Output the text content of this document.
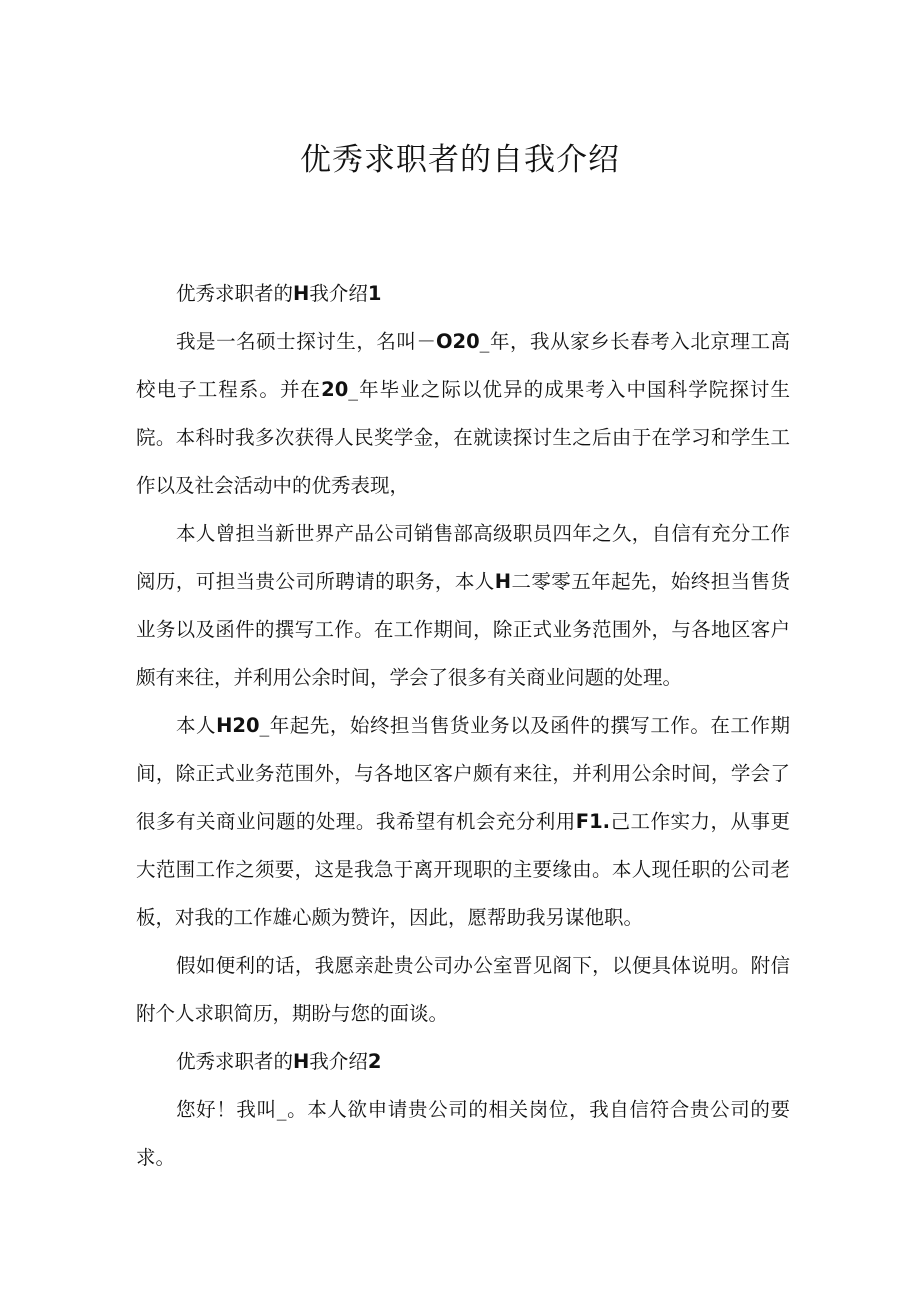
优秀求职者的自我介绍

优秀求职者的H我介绍1

我是一名硕士探讨生，名叫－O20_年，我从家乡长春考入北京理工高校电子工程系。并在20_年毕业之际以优异的成果考入中国科学院探讨生院。本科时我多次获得人民奖学金，在就读探讨生之后由于在学习和学生工作以及社会活动中的优秀表现，

本人曾担当新世界产品公司销售部高级职员四年之久，自信有充分工作阅历，可担当贵公司所聘请的职务，本人H二零零五年起先，始终担当售货业务以及函件的撰写工作。在工作期间，除正式业务范围外，与各地区客户颇有来往，并利用公余时间，学会了很多有关商业问题的处理。

本人H20_年起先，始终担当售货业务以及函件的撰写工作。在工作期间，除正式业务范围外，与各地区客户颇有来往，并利用公余时间，学会了很多有关商业问题的处理。我希望有机会充分利用F1.己工作实力，从事更大范围工作之须要，这是我急于离开现职的主要缘由。本人现任职的公司老板，对我的工作雄心颇为赞许，因此，愿帮助我另谋他职。

假如便利的话，我愿亲赴贵公司办公室晋见阁下，以便具体说明。附信附个人求职简历，期盼与您的面谈。

优秀求职者的H我介绍2

您好！我叫_。本人欲申请贵公司的相关岗位，我自信符合贵公司的要求。
